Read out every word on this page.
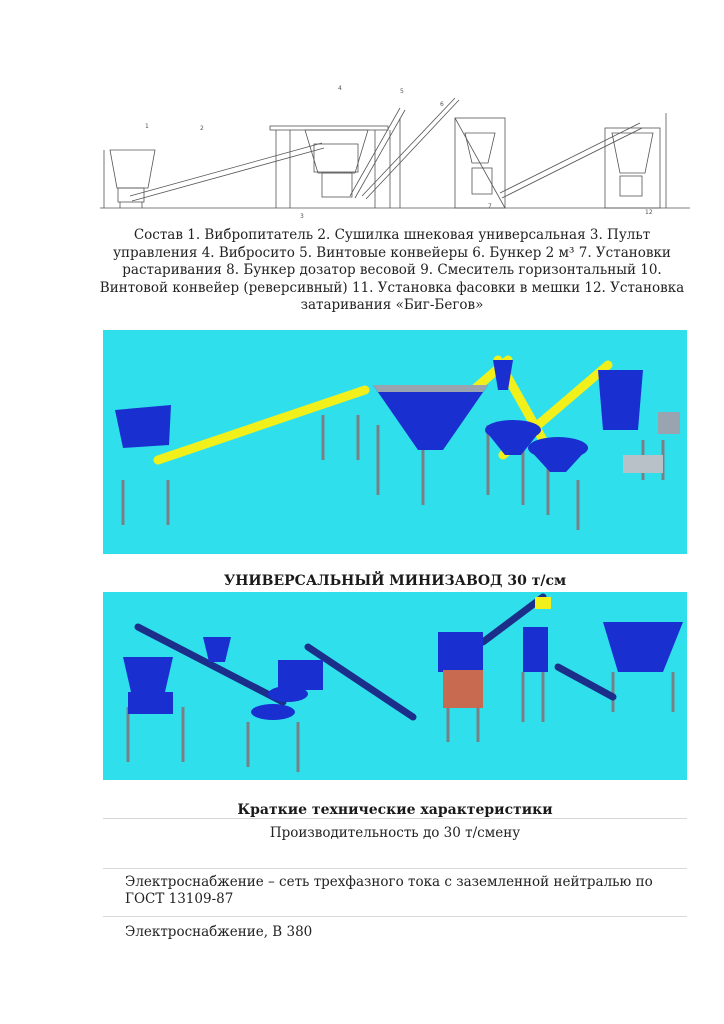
1	2
4	5
6
3
7
12
Состав 1. Вибропитатель 2. Сушилка шнековая универсальная 3. Пульт управления 4. Вибросито 5. Винтовые конвейеры 6. Бункер 2 м³ 7. Установки растаривания 8. Бункер дозатор весовой 9. Смеситель горизонтальный 10. Винтовой конвейер (реверсивный) 11. Установка фасовки в мешки 12. Установка затаривания «Биг-Бегов»
УНИВЕРСАЛЬНЫЙ МИНИЗАВОД 30 т/см
Краткие технические характеристики
Производительность до 30 т/смену
Электроснабжение – сеть трехфазного тока с заземленной нейтралью по ГОСТ 13109-87
Электроснабжение, В 380
